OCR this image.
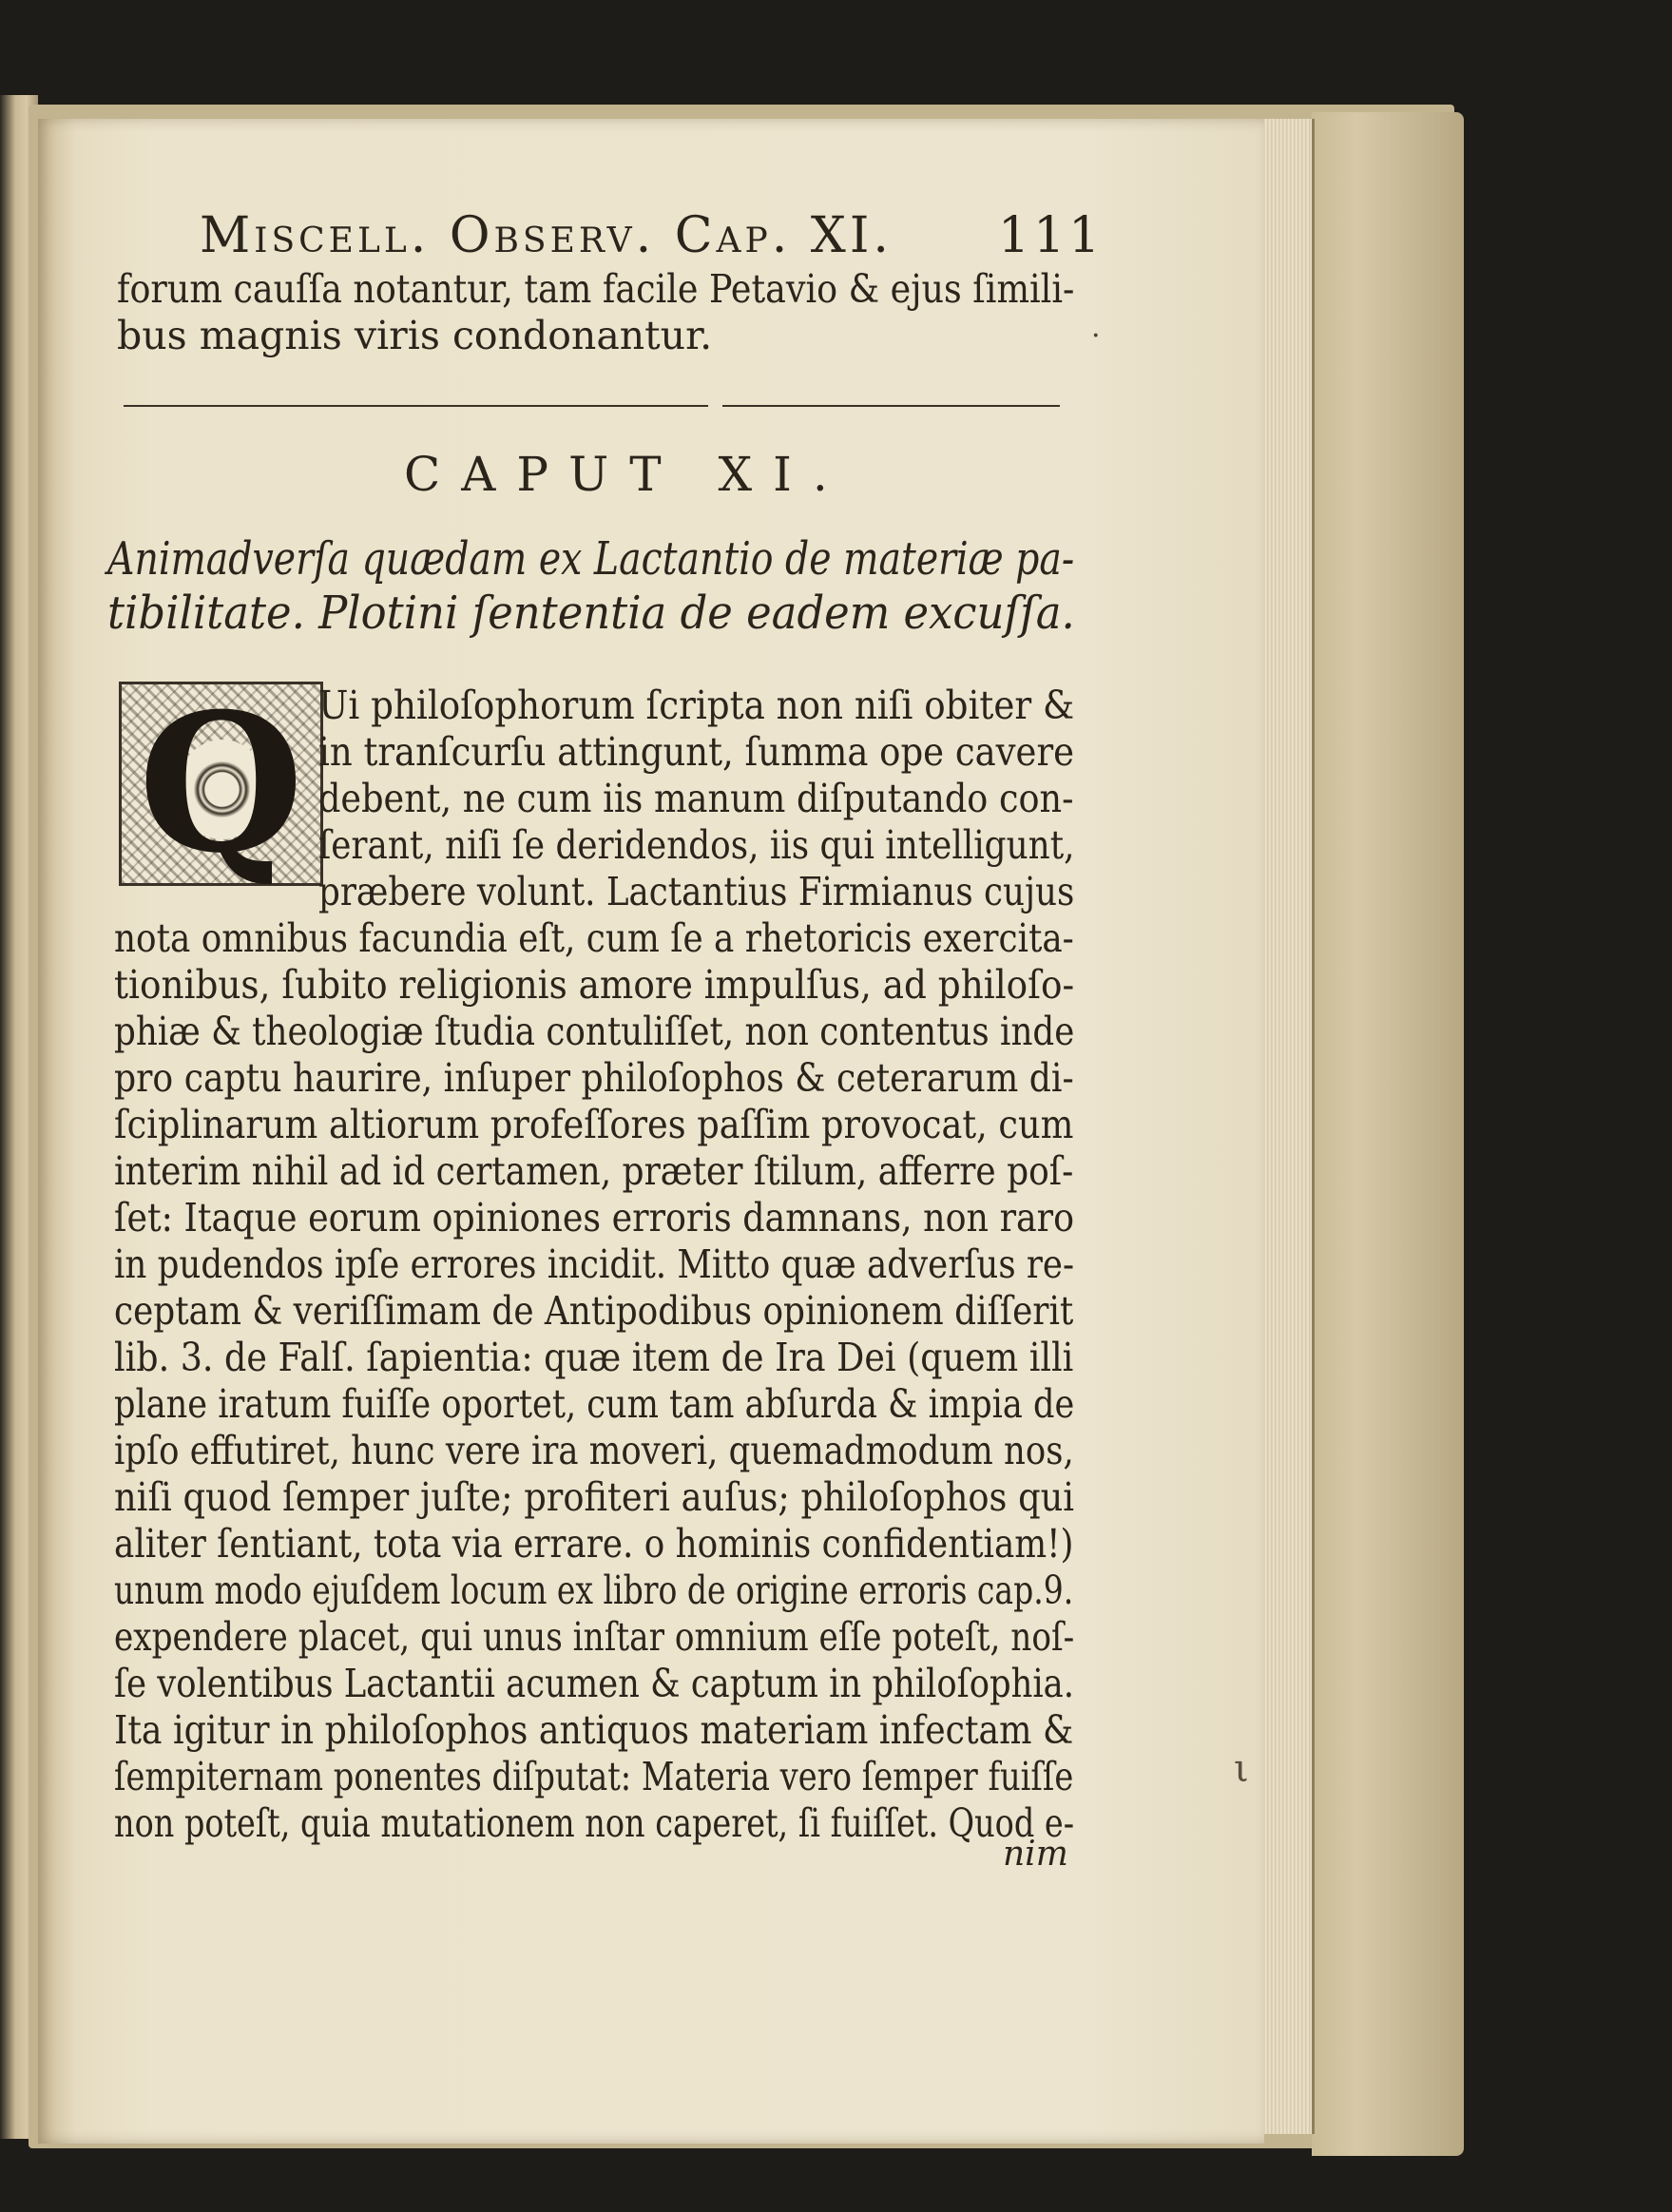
Miscell. Observ. Cap. XI. 111
forum cauſſa notantur, tam facile Petavio & ejus ſimili-
bus magnis viris condonantur.	·
CAPUT XI.
Animadverſa quædam ex Lactantio de materiæ pa-
tibilitate. Plotini ſententia de eadem excuſſa.
Q Ui philoſophorum ſcripta non niſi obiter &
in tranſcurſu attingunt, ſumma ope cavere
debent, ne cum iis manum diſputando con-
ſerant, niſi ſe deridendos, iis qui intelligunt,
præbere volunt. Lactantius Firmianus cujus
nota omnibus facundia eſt, cum ſe a rhetoricis exercita-
tionibus, ſubito religionis amore impulſus, ad philoſo-
phiæ & theologiæ ſtudia contuliſſet, non contentus inde
pro captu haurire, inſuper philoſophos & ceterarum di-
ſciplinarum altiorum profeſſores paſſim provocat, cum
interim nihil ad id certamen, præter ſtilum, afferre poſ-
ſet: Itaque eorum opiniones erroris damnans, non raro
in pudendos ipſe errores incidit. Mitto quæ adverſus re-
ceptam & veriſſimam de Antipodibus opinionem diſſerit
lib. 3. de Falſ. ſapientia: quæ item de Ira Dei (quem illi
plane iratum fuiſſe oportet, cum tam abſurda & impia de
ipſo effutiret, hunc vere ira moveri, quemadmodum nos,
niſi quod ſemper juſte; profiteri auſus; philoſophos qui
aliter ſentiant, tota via errare. o hominis confidentiam!)
unum modo ejuſdem locum ex libro de origine erroris cap.9.
expendere placet, qui unus inſtar omnium eſſe poteſt, noſ-
ſe volentibus Lactantii acumen & captum in philoſophia.
Ita igitur in philoſophos antiquos materiam infectam &
ſempiternam ponentes diſputat: Materia vero ſemper fuiſſe
non poteſt, quia mutationem non caperet, ſi fuiſſet. Quod e-
nim
ι
